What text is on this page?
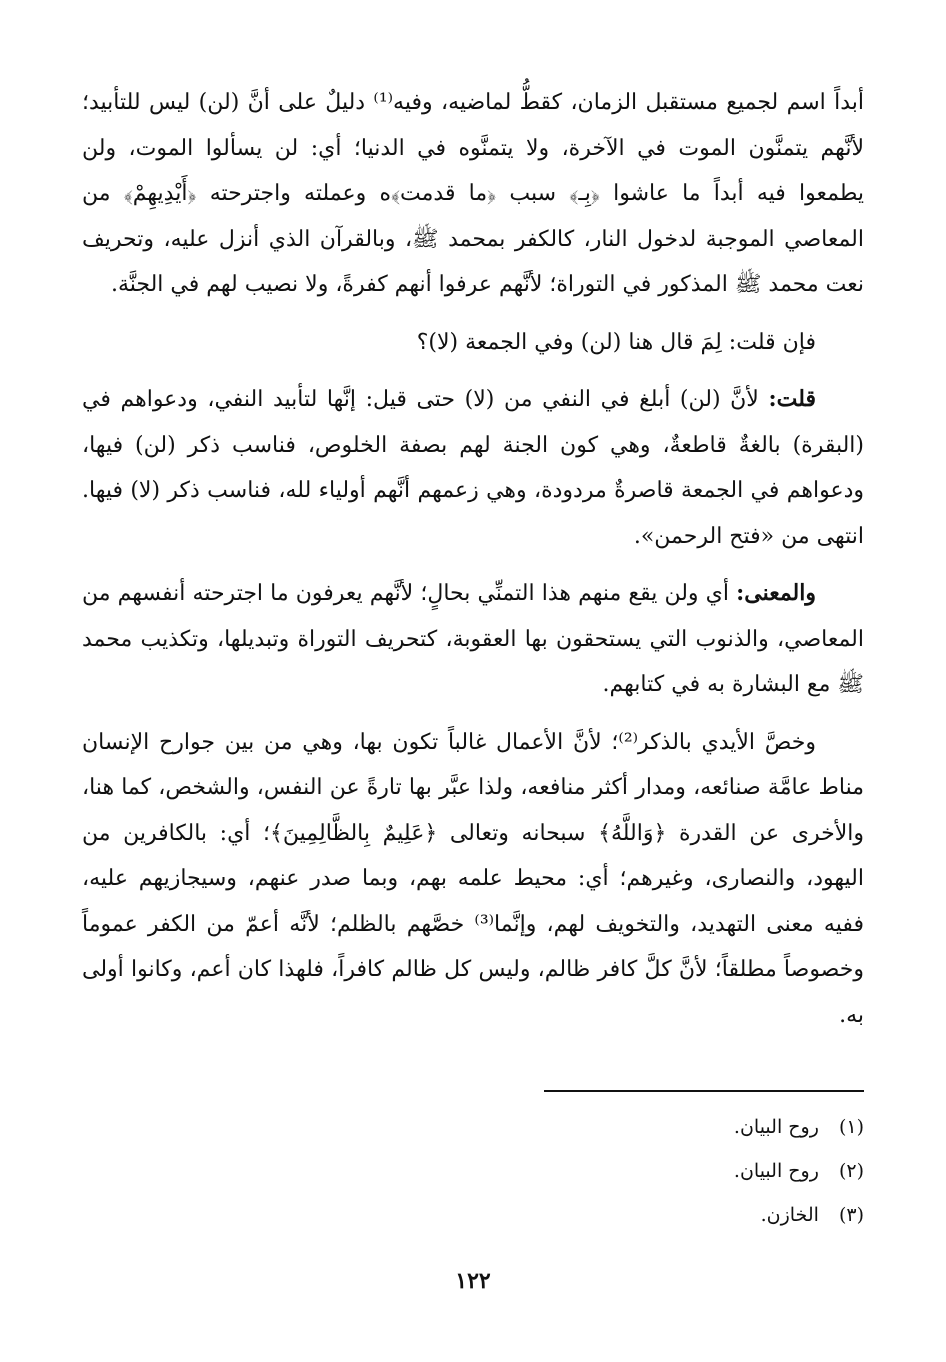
أبداً اسم لجميع مستقبل الزمان، كقطُّ لماضيه، وفيه⁽¹⁾ دليلٌ على أنَّ (لن) ليس للتأبيد؛ لأنَّهم يتمنَّون الموت في الآخرة، ولا يتمنَّوه في الدنيا؛ أي: لن يسألوا الموت، ولن يطمعوا فيه أبداً ما عاشوا ﴿بِـ﴾ سبب ﴿ما قدمت﴾ه وعملته واجترحته ﴿أَيْدِيهِمْ﴾ من المعاصي الموجبة لدخول النار، كالكفر بمحمد ﷺ، وبالقرآن الذي أنزل عليه، وتحريف نعت محمد ﷺ المذكور في التوراة؛ لأنَّهم عرفوا أنهم كفرةً، ولا نصيب لهم في الجنَّة.

فإن قلت: لِمَ قال هنا (لن) وفي الجمعة (لا)؟

قلت: لأنَّ (لن) أبلغ في النفي من (لا) حتى قيل: إنَّها لتأبيد النفي، ودعواهم في (البقرة) بالغةٌ قاطعةٌ، وهي كون الجنة لهم بصفة الخلوص، فناسب ذكر (لن) فيها، ودعواهم في الجمعة قاصرةٌ مردودة، وهي زعمهم أنَّهم أولياء لله، فناسب ذكر (لا) فيها. انتهى من «فتح الرحمن».

والمعنى: أي ولن يقع منهم هذا التمنِّي بحالٍ؛ لأنَّهم يعرفون ما اجترحته أنفسهم من المعاصي، والذنوب التي يستحقون بها العقوبة، كتحريف التوراة وتبديلها، وتكذيب محمد ﷺ مع البشارة به في كتابهم.

وخصَّ الأيدي بالذكر⁽²⁾؛ لأنَّ الأعمال غالباً تكون بها، وهي من بين جوارح الإنسان مناط عامَّة صنائعه، ومدار أكثر منافعه، ولذا عبَّر بها تارةً عن النفس، والشخص، كما هنا، والأخرى عن القدرة ﴿وَاللَّهُ﴾ سبحانه وتعالى ﴿عَلِيمٌ بِالظَّالِمِينَ﴾؛ أي: بالكافرين من اليهود، والنصارى، وغيرهم؛ أي: محيط علمه بهم، وبما صدر عنهم، وسيجازيهم عليه، ففيه معنى التهديد، والتخويف لهم، وإنَّما⁽³⁾ خصَّهم بالظلم؛ لأنَّه أعمّ من الكفر عموماً وخصوصاً مطلقاً؛ لأنَّ كلَّ كافر ظالم، وليس كل ظالم كافراً، فلهذا كان أعم، وكانوا أولى به.

(١) روح البيان.
(٢) روح البيان.
(٣) الخازن.
١٢٢
